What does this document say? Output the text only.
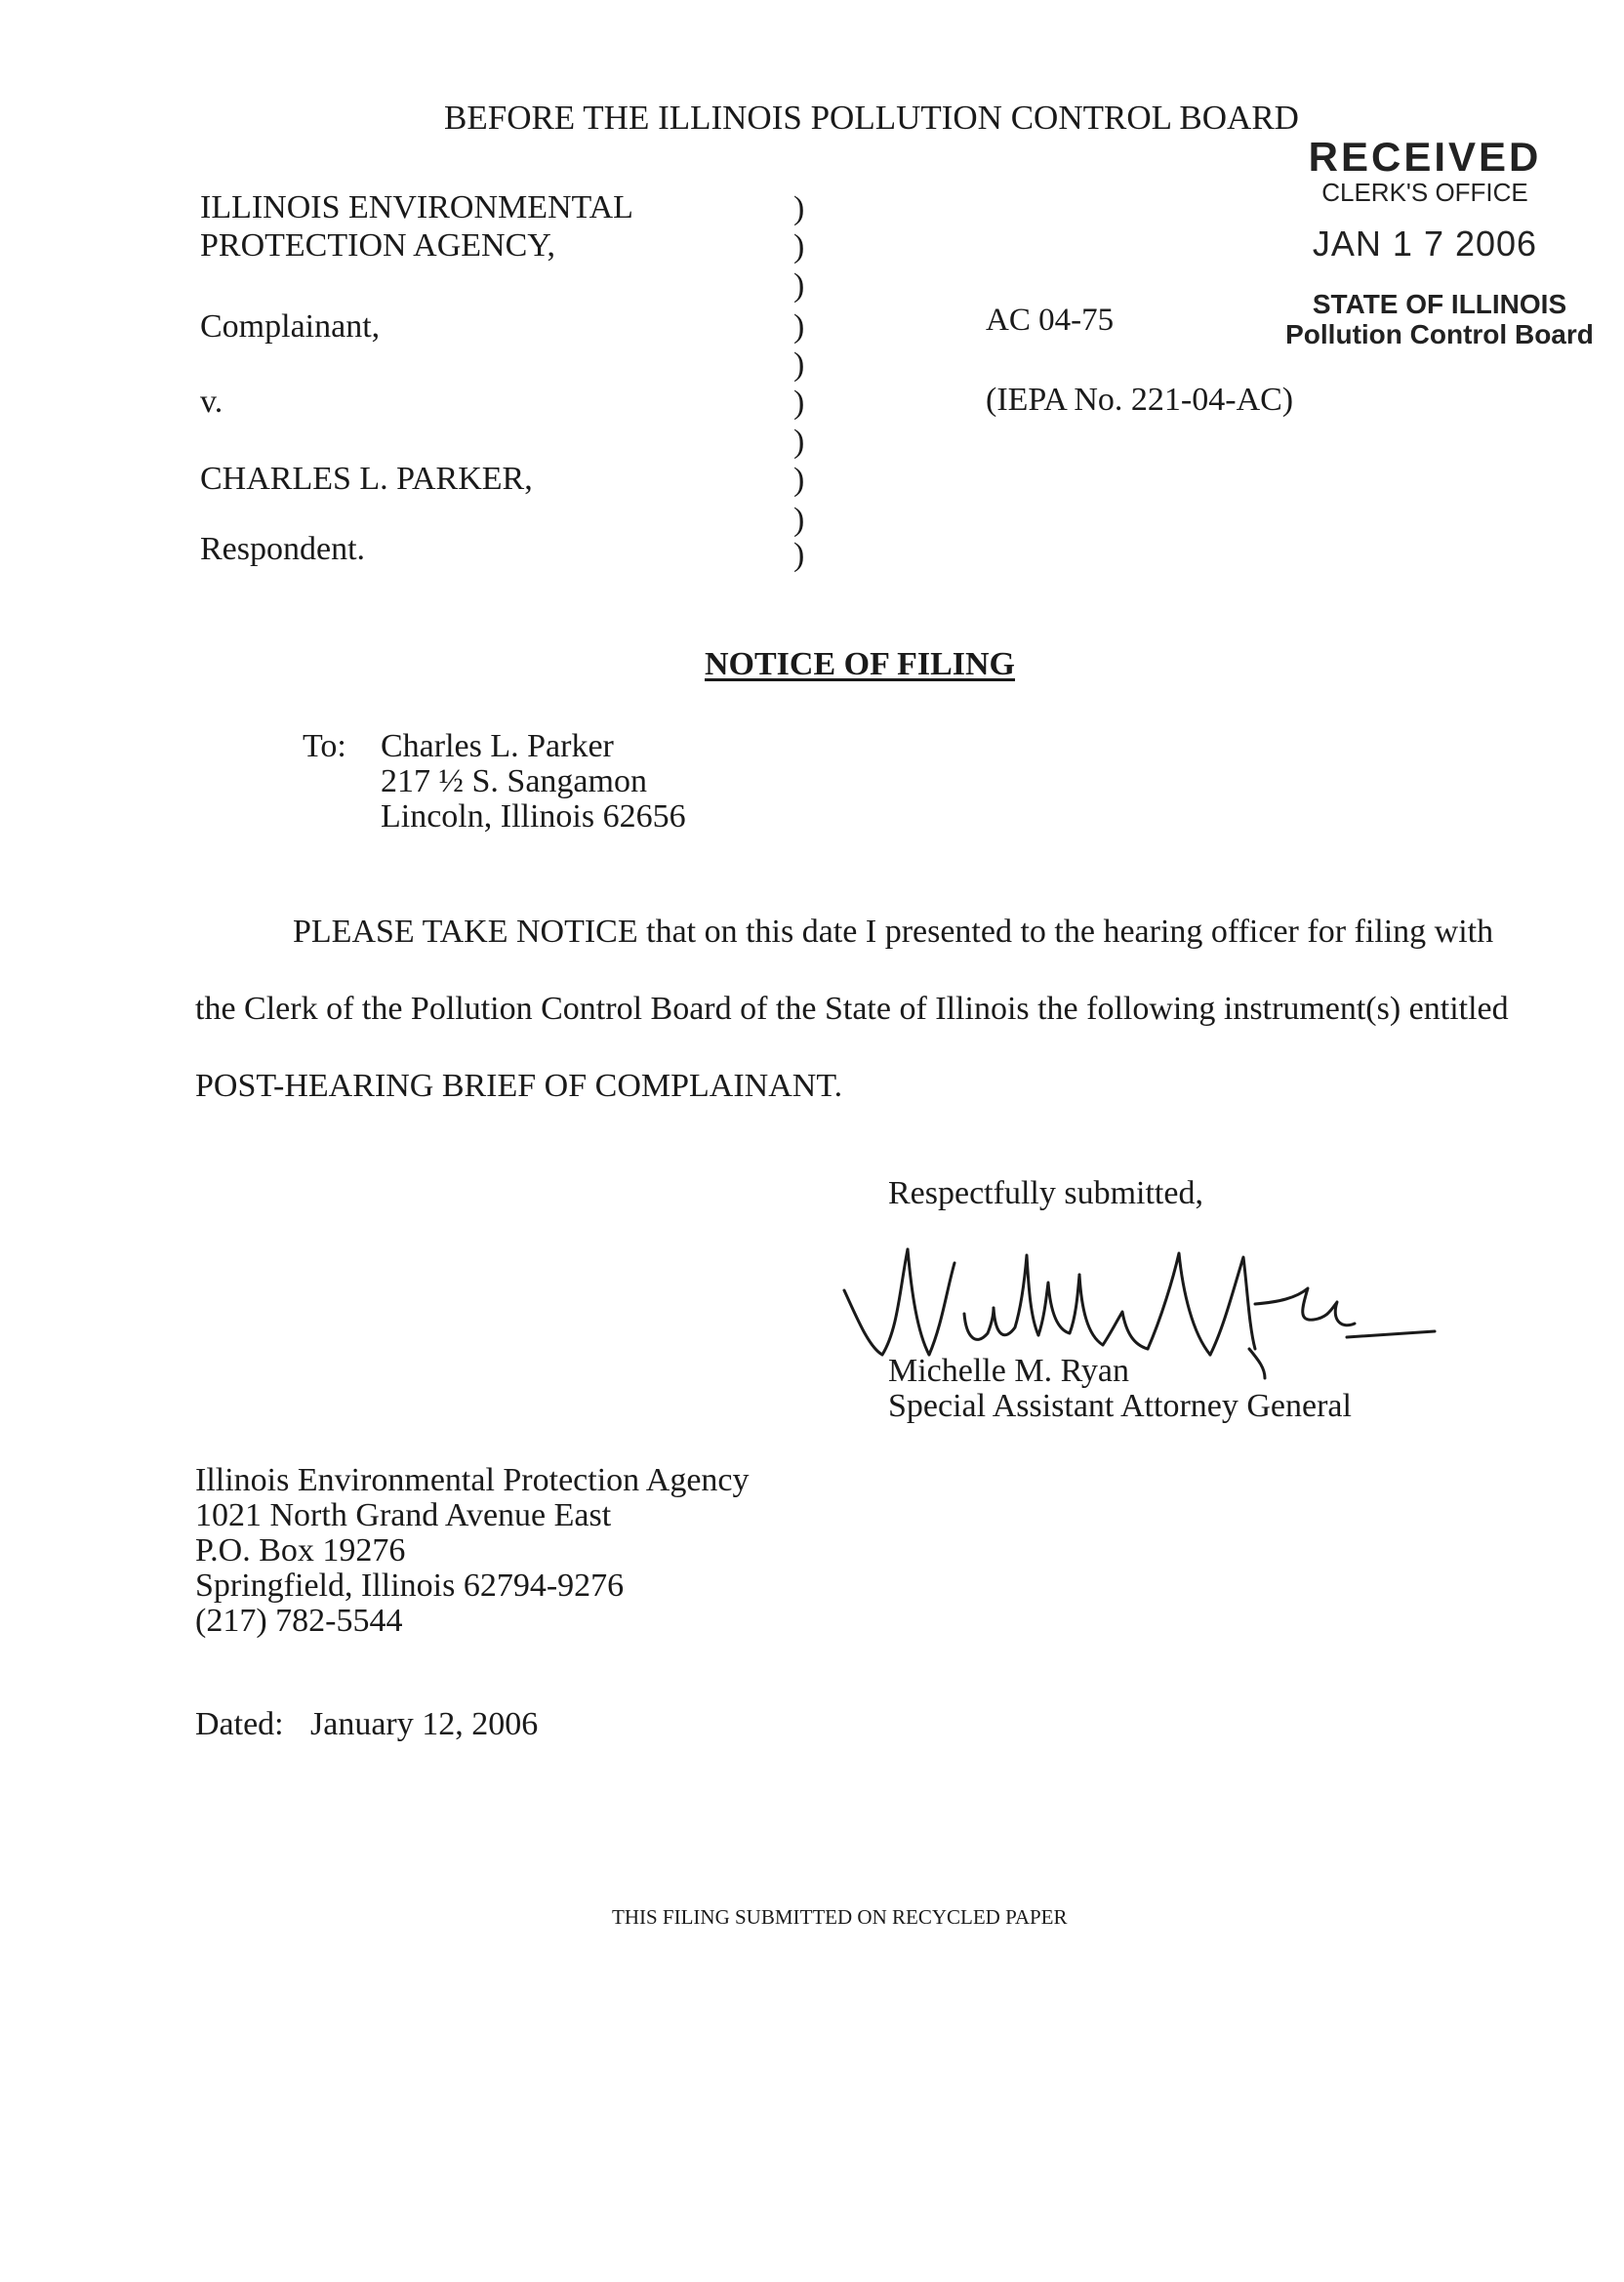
BEFORE THE ILLINOIS POLLUTION CONTROL BOARD
RECEIVED
CLERK'S OFFICE
JAN 1 7 2006
STATE OF ILLINOIS
Pollution Control Board
ILLINOIS ENVIRONMENTAL
PROTECTION AGENCY,
Complainant,
v.
CHARLES L. PARKER,
Respondent.
)
)
)
)
)
)
)
)
)
)
AC 04-75
(IEPA No. 221-04-AC)
NOTICE OF FILING
To: Charles L. Parker
217 ½ S. Sangamon
Lincoln, Illinois 62656
PLEASE TAKE NOTICE that on this date I presented to the hearing officer for filing with
the Clerk of the Pollution Control Board of the State of Illinois the following instrument(s) entitled
POST-HEARING BRIEF OF COMPLAINANT.
Respectfully submitted,
Michelle M. Ryan
Special Assistant Attorney General
Illinois Environmental Protection Agency
1021 North Grand Avenue East
P.O. Box 19276
Springfield, Illinois 62794-9276
(217) 782-5544
Dated: January 12, 2006
THIS FILING SUBMITTED ON RECYCLED PAPER
